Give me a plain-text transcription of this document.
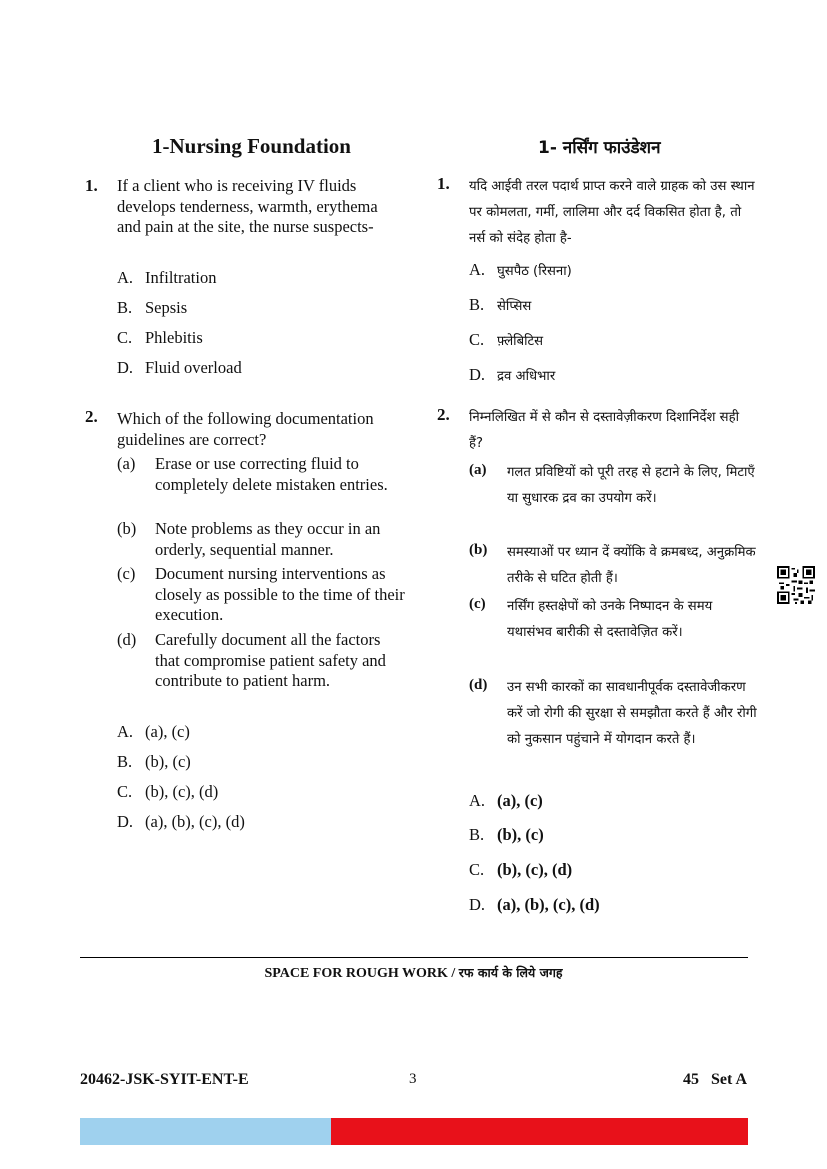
1-Nursing Foundation	1- नर्सिंग फाउंडेशन
1. If a client who is receiving IV fluids develops tenderness, warmth, erythema and pain at the site, the nurse suspects-
A. Infiltration
B. Sepsis
C. Phlebitis
D. Fluid overload
2. Which of the following documentation guidelines are correct?
(a) Erase or use correcting fluid to completely delete mistaken entries.
(b) Note problems as they occur in an orderly, sequential manner.
(c) Document nursing interventions as closely as possible to the time of their execution.
(d) Carefully document all the factors that compromise patient safety and contribute to patient harm.
A. (a), (c)
B. (b), (c)
C. (b), (c), (d)
D. (a), (b), (c), (d)
1. यदि आईवी तरल पदार्थ प्राप्त करने वाले ग्राहक को उस स्थान पर कोमलता, गर्मी, लालिमा और दर्द विकसित होता है, तो नर्स को संदेह होता है-
A. घुसपैठ (रिसना)
B. सेप्सिस
C. फ़्लेबिटिस
D. द्रव अधिभार
2. निम्नलिखित में से कौन से दस्तावेज़ीकरण दिशानिर्देश सही हैं?
(a) गलत प्रविष्टियों को पूरी तरह से हटाने के लिए, मिटाएँ या सुधारक द्रव का उपयोग करें।
(b) समस्याओं पर ध्यान दें क्योंकि वे क्रमबध्द, अनुक्रमिक तरीके से घटित होती हैं।
(c) नर्सिंग हस्तक्षेपों को उनके निष्पादन के समय यथासंभव बारीकी से दस्तावेज़ित करें।
(d) उन सभी कारकों का सावधानीपूर्वक दस्तावेजीकरण करें जो रोगी की सुरक्षा से समझौता करते हैं और रोगी को नुकसान पहुंचाने में योगदान करते हैं।
A. (a), (c)
B. (b), (c)
C. (b), (c), (d)
D. (a), (b), (c), (d)
SPACE FOR ROUGH WORK / रफ कार्य के लिये जगह
20462-JSK-SYIT-ENT-E	3	45   Set A
